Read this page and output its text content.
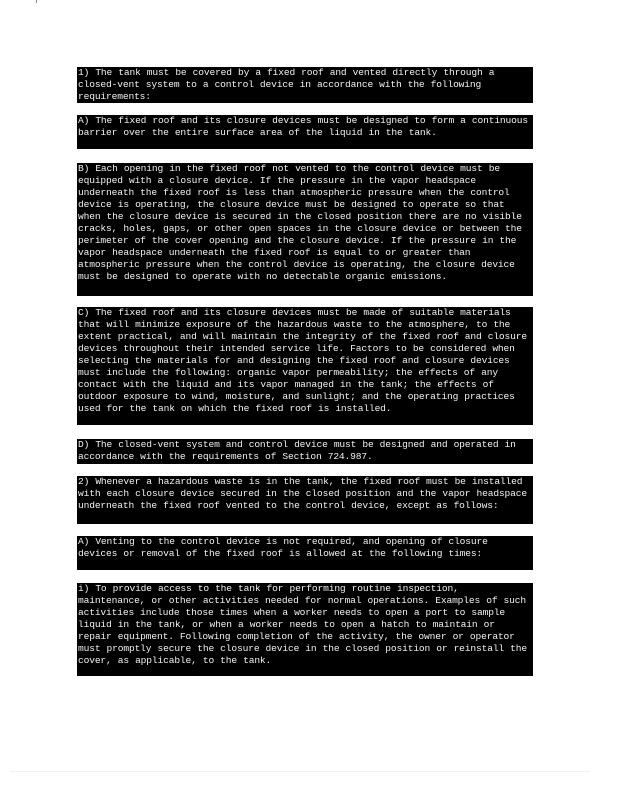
1) The tank must be covered by a fixed roof and vented directly through a closed-vent system to a control device in accordance with the following requirements:
A) The fixed roof and its closure devices must be designed to form a continuous barrier over the entire surface area of the liquid in the tank.
B) Each opening in the fixed roof not vented to the control device must be equipped with a closure device. If the pressure in the vapor headspace underneath the fixed roof is less than atmospheric pressure when the control device is operating, the closure device must be designed to operate so that when the closure device is secured in the closed position there are no visible cracks, holes, gaps, or other open spaces in the closure device or between the perimeter of the cover opening and the closure device. If the pressure in the vapor headspace underneath the fixed roof is equal to or greater than atmospheric pressure when the control device is operating, the closure device must be designed to operate with no detectable organic emissions.
C) The fixed roof and its closure devices must be made of suitable materials that will minimize exposure of the hazardous waste to the atmosphere, to the extent practical, and will maintain the integrity of the fixed roof and closure devices throughout their intended service life. Factors to be considered when selecting the materials for and designing the fixed roof and closure devices must include the following: organic vapor permeability; the effects of any contact with the liquid and its vapor managed in the tank; the effects of outdoor exposure to wind, moisture, and sunlight; and the operating practices used for the tank on which the fixed roof is installed.
D) The closed-vent system and control device must be designed and operated in accordance with the requirements of Section 724.987.
2) Whenever a hazardous waste is in the tank, the fixed roof must be installed with each closure device secured in the closed position and the vapor headspace underneath the fixed roof vented to the control device, except as follows:
A) Venting to the control device is not required, and opening of closure devices or removal of the fixed roof is allowed at the following times:
i) To provide access to the tank for performing routine inspection, maintenance, or other activities needed for normal operations. Examples of such activities include those times when a worker needs to open a port to sample liquid in the tank, or when a worker needs to open a hatch to maintain or repair equipment. Following completion of the activity, the owner or operator must promptly secure the closure device in the closed position or reinstall the cover, as applicable, to the tank.
